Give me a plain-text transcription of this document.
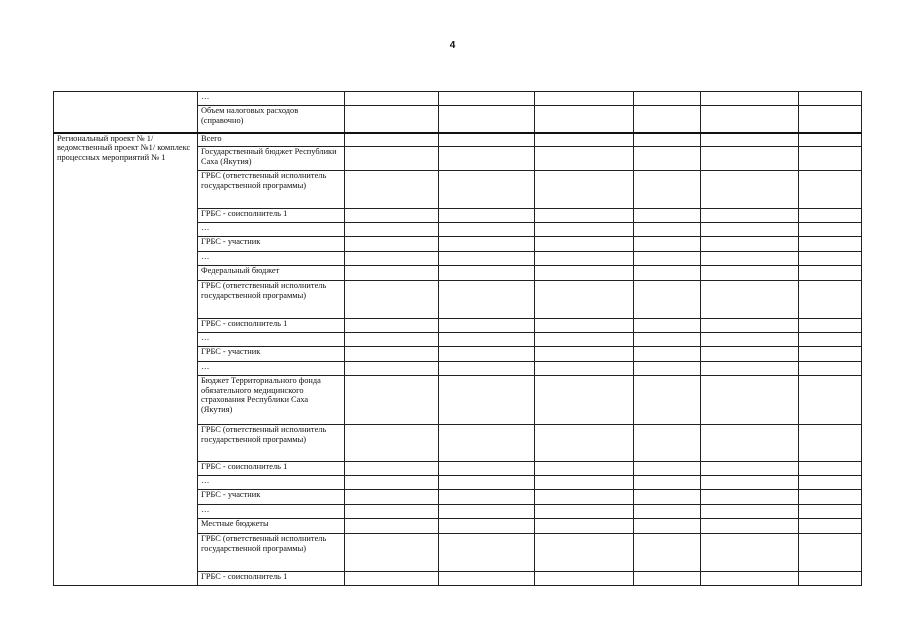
4
	…						
	Объем налоговых расходов (справочно)						
Региональный проект № 1/ ведомственный проект №1/ комплекс процессных мероприятий № 1	Всего						
	Государственный бюджет Республики Саха (Якутия)						
	ГРБС (ответственный исполнитель государственной программы)						
	ГРБС - соисполнитель 1						
	…						
	ГРБС - участник						
	…						
	Федеральный бюджет						
	ГРБС (ответственный исполнитель государственной программы)						
	ГРБС - соисполнитель 1						
	…						
	ГРБС - участник						
	…						
	Бюджет Территориального фонда обязательного медицинского страхования Республики Саха (Якутия)						
	ГРБС (ответственный исполнитель государственной программы)						
	ГРБС - соисполнитель 1						
	…						
	ГРБС - участник						
	…						
	Местные бюджеты						
	ГРБС (ответственный исполнитель государственной программы)						
	ГРБС - соисполнитель 1						
